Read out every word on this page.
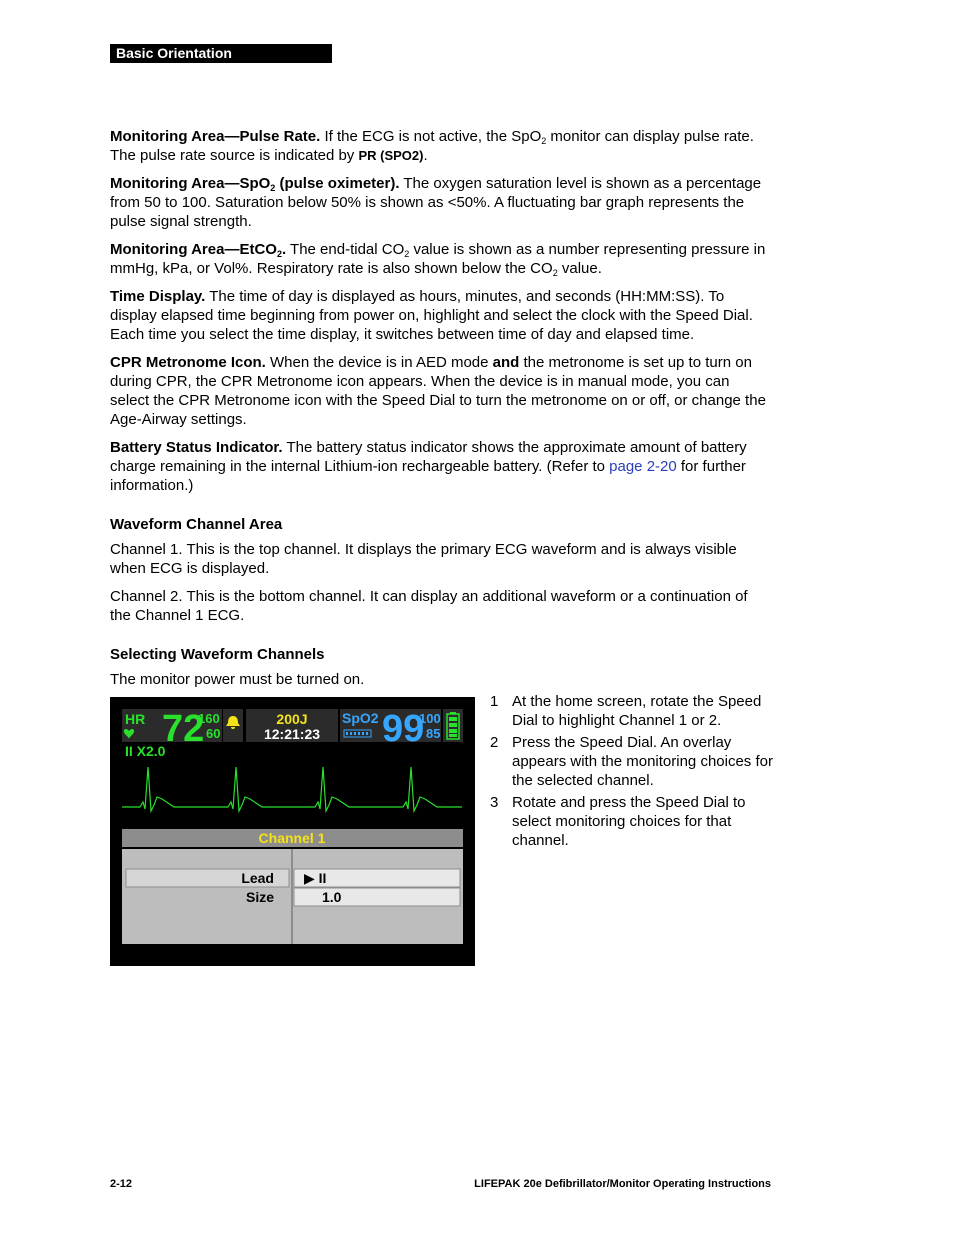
Basic Orientation

Monitoring Area—Pulse Rate. If the ECG is not active, the SpO$_2$ monitor can display pulse rate. The pulse rate source is indicated by PR (SPO2).

Monitoring Area—SpO$_2$ (pulse oximeter). The oxygen saturation level is shown as a percentage from 50 to 100. Saturation below 50% is shown as <50%. A fluctuating bar graph represents the pulse signal strength.

Monitoring Area—EtCO$_2$. The end-tidal $CO_2$ value is shown as a number representing pressure in mmHg, kPa, or Vol%. Respiratory rate is also shown below the $CO_2$ value.

Time Display. The time of day is displayed as hours, minutes, and seconds (HH:MM:SS). To display elapsed time beginning from power on, highlight and select the clock with the Speed Dial. Each time you select the time display, it switches between time of day and elapsed time.

CPR Metronome Icon. When the device is in AED mode and the metronome is set up to turn on during CPR, the CPR Metronome icon appears. When the device is in manual mode, you can select the CPR Metronome icon with the Speed Dial to turn the metronome on or off, or change the Age-Airway settings.

Battery Status Indicator. The battery status indicator shows the approximate amount of battery charge remaining in the internal Lithium-ion rechargeable battery. (Refer to page 2-20 for further information.)

Waveform Channel Area

Channel 1. This is the top channel. It displays the primary ECG waveform and is always visible when ECG is displayed.

Channel 2. This is the bottom channel. It can display an additional waveform or a continuation of the Channel 1 ECG.

Selecting Waveform Channels

The monitor power must be turned on.

HR 72
160
60
200J
12:21:23
SpO2 99
100
85
II X2.0
Channel 1
Lead ▶ II
Size	1.0
1 At the home screen, rotate the Speed Dial to highlight Channel 1 or 2.
2 Press the Speed Dial. An overlay appears with the monitoring choices for the selected channel.
3 Rotate and press the Speed Dial to select monitoring choices for that channel.
2-12	LIFEPAK 20e Defibrillator/Monitor Operating Instructions
